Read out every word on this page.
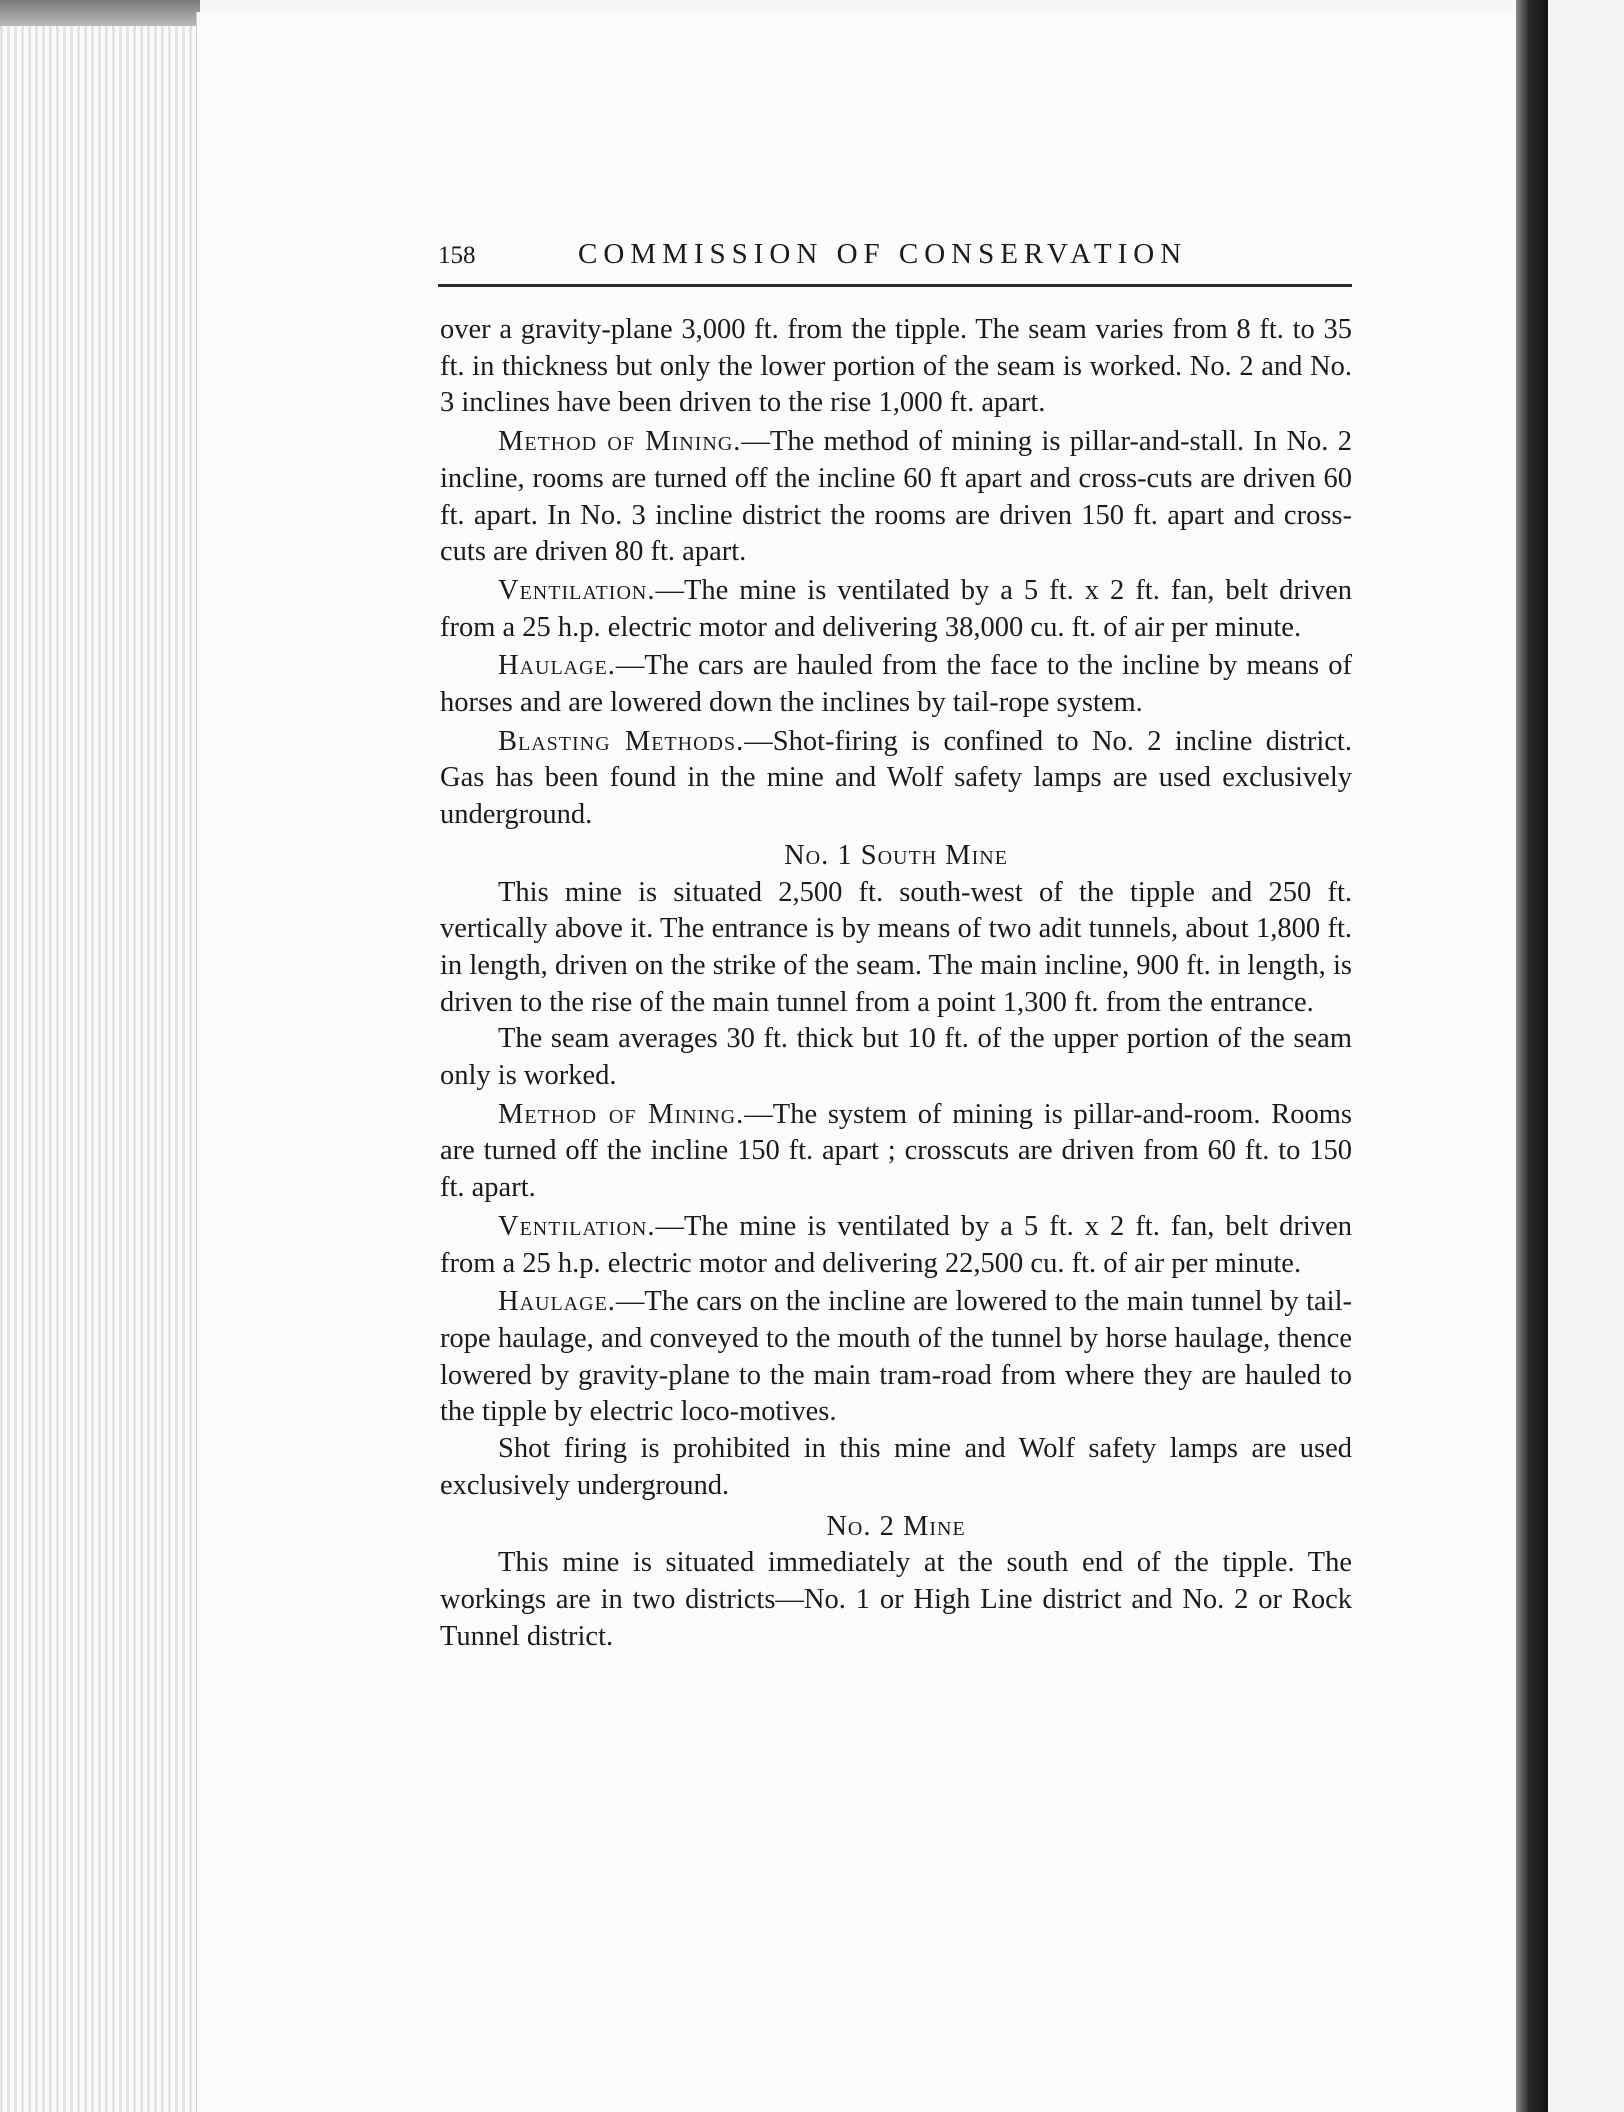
158	COMMISSION OF CONSERVATION

over a gravity-plane 3,000 ft. from the tipple. The seam varies from 8 ft. to 35 ft. in thickness but only the lower portion of the seam is worked. No. 2 and No. 3 inclines have been driven to the rise 1,000 ft. apart.

Method of Mining.—The method of mining is pillar-and-stall. In No. 2 incline, rooms are turned off the incline 60 ft apart and cross-cuts are driven 60 ft. apart. In No. 3 incline district the rooms are driven 150 ft. apart and cross-cuts are driven 80 ft. apart.

Ventilation.—The mine is ventilated by a 5 ft. x 2 ft. fan, belt driven from a 25 h.p. electric motor and delivering 38,000 cu. ft. of air per minute.

Haulage.—The cars are hauled from the face to the incline by means of horses and are lowered down the inclines by tail-rope system.

Blasting Methods.—Shot-firing is confined to No. 2 incline district. Gas has been found in the mine and Wolf safety lamps are used exclusively underground.

No. 1 South Mine

This mine is situated 2,500 ft. south-west of the tipple and 250 ft. vertically above it. The entrance is by means of two adit tunnels, about 1,800 ft. in length, driven on the strike of the seam. The main incline, 900 ft. in length, is driven to the rise of the main tunnel from a point 1,300 ft. from the entrance.

The seam averages 30 ft. thick but 10 ft. of the upper portion of the seam only is worked.

Method of Mining.—The system of mining is pillar-and-room. Rooms are turned off the incline 150 ft. apart ; crosscuts are driven from 60 ft. to 150 ft. apart.

Ventilation.—The mine is ventilated by a 5 ft. x 2 ft. fan, belt driven from a 25 h.p. electric motor and delivering 22,500 cu. ft. of air per minute.

Haulage.—The cars on the incline are lowered to the main tunnel by tail-rope haulage, and conveyed to the mouth of the tunnel by horse haulage, thence lowered by gravity-plane to the main tram-road from where they are hauled to the tipple by electric loco-motives.

Shot firing is prohibited in this mine and Wolf safety lamps are used exclusively underground.

No. 2 Mine

This mine is situated immediately at the south end of the tipple. The workings are in two districts—No. 1 or High Line district and No. 2 or Rock Tunnel district.
